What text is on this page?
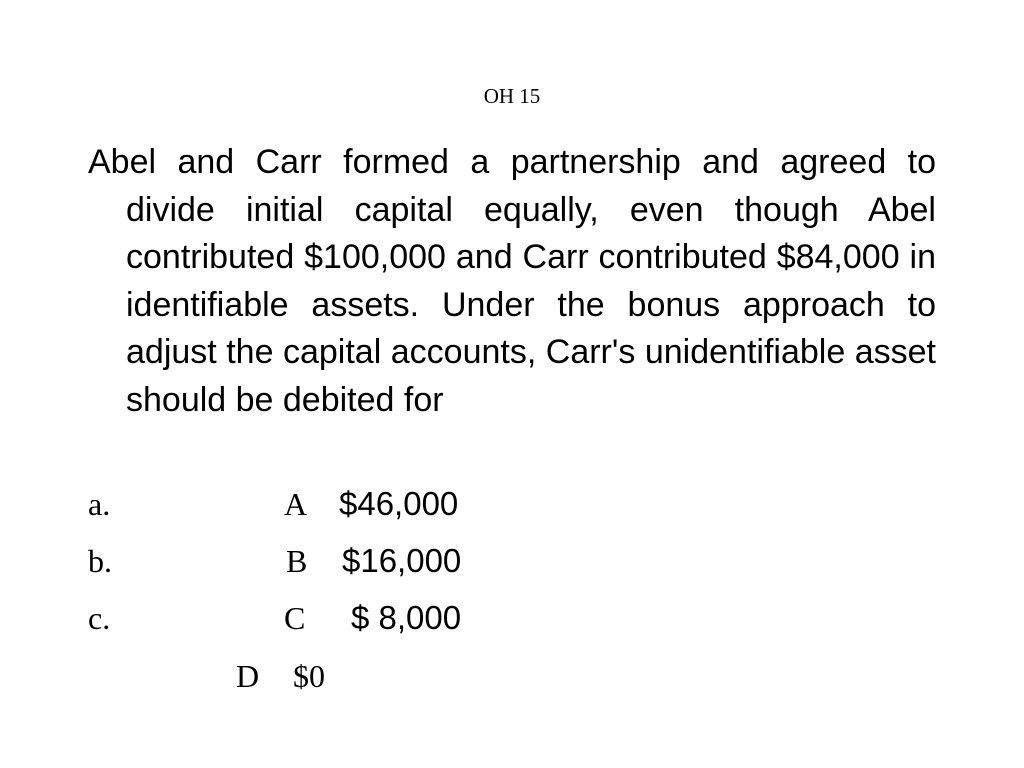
OH 15
Abel and Carr formed a partnership and agreed to divide initial capital equally, even though Abel contributed $100,000 and Carr contributed $84,000 in identifiable assets. Under the bonus approach to adjust the capital accounts, Carr's unidentifiable asset should be debited for
a.	A $46,000
b.	B $16,000
c.	C $ 8,000
D $0
